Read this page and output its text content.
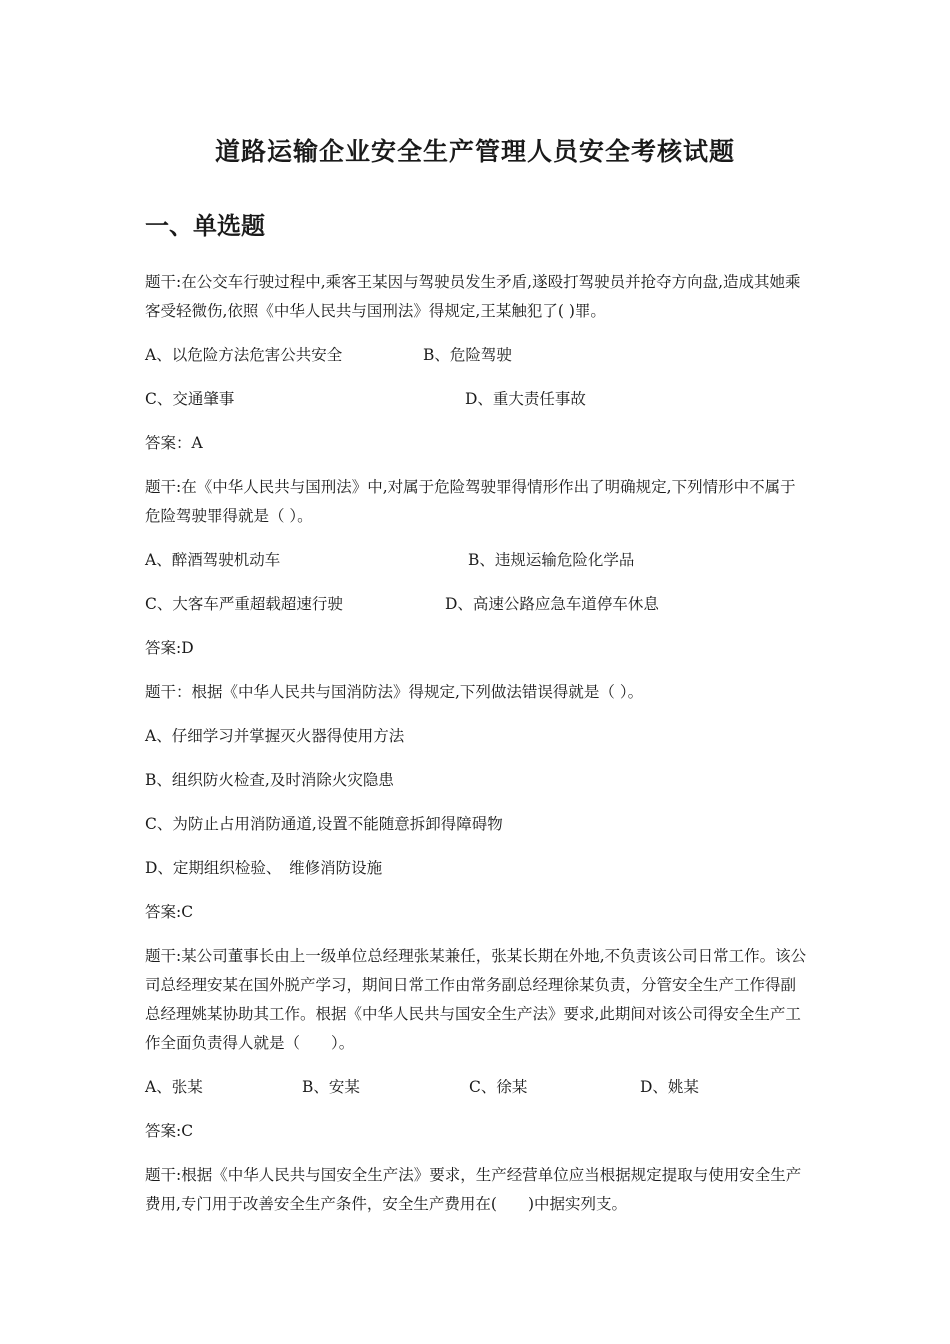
道路运输企业安全生产管理人员安全考核试题
一、单选题
题干:在公交车行驶过程中,乘客王某因与驾驶员发生矛盾,遂殴打驾驶员并抢夺方向盘,造成其她乘客受轻微伤,依照《中华人民共与国刑法》得规定,王某触犯了( )罪。
A、以危险方法危害公共安全	B、危险驾驶
C、交通肇事	D、重大责任事故
答案：A
题干:在《中华人民共与国刑法》中,对属于危险驾驶罪得情形作出了明确规定,下列情形中不属于危险驾驶罪得就是（ ）。
A、醉酒驾驶机动车	B、违规运输危险化学品
C、大客车严重超载超速行驶	D、高速公路应急车道停车休息
答案:D
题干：根据《中华人民共与国消防法》得规定,下列做法错误得就是（ ）。
A、仔细学习并掌握灭火器得使用方法
B、组织防火检查,及时消除火灾隐患
C、为防止占用消防通道,设置不能随意拆卸得障碍物
D、定期组织检验、　维修消防设施
答案:C
题干:某公司董事长由上一级单位总经理张某兼任，张某长期在外地,不负责该公司日常工作。该公司总经理安某在国外脱产学习，期间日常工作由常务副总经理徐某负责，分管安全生产工作得副总经理姚某协助其工作。根据《中华人民共与国安全生产法》要求,此期间对该公司得安全生产工作全面负责得人就是（　　）。
A、张某	B、安某	C、徐某	D、姚某
答案:C
题干:根据《中华人民共与国安全生产法》要求，生产经营单位应当根据规定提取与使用安全生产费用,专门用于改善安全生产条件，安全生产费用在(　　)中据实列支。
